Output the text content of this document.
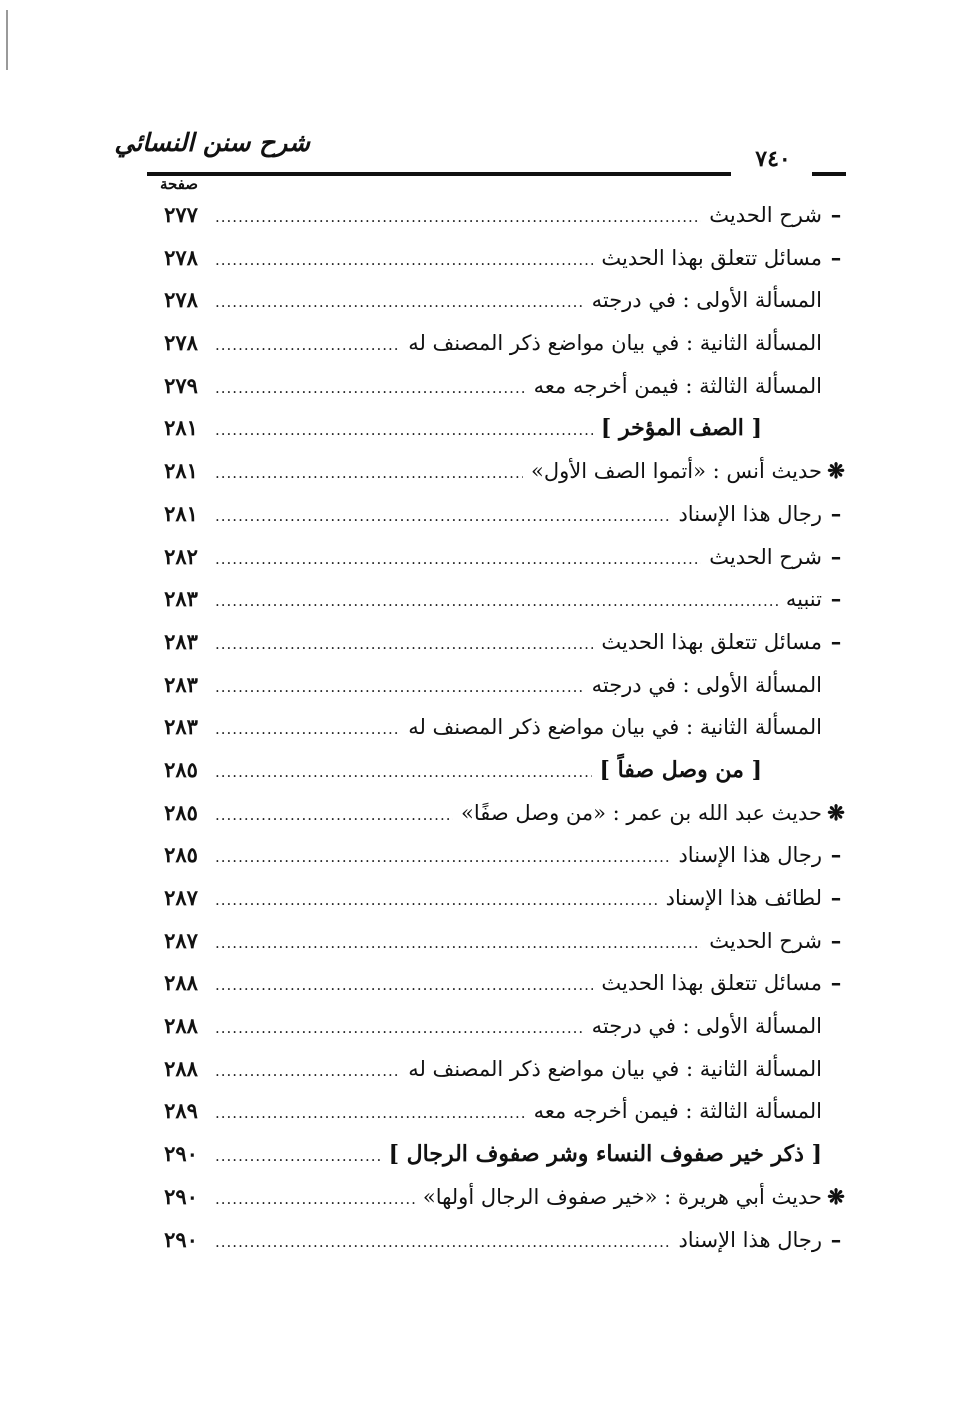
شرح سنن النسائي
٧٤٠
صفحة
–
شرح الحديث
.....
٢٧٧
–
مسائل تتعلق بهذا الحديث
.....
٢٧٨
المسألة الأولى : في درجته
.....
٢٧٨
المسألة الثانية : في بيان مواضع ذكر المصنف له
.....
٢٧٨
المسألة الثالثة : فيمن أخرجه معه
.....
٢٧٩
[ الصف المؤخر ]
.....
٢٨١
❋
حديث أنس : «أتموا الصف الأول»
.....
٢٨١
–
رجال هذا الإسناد
.....
٢٨١
–
شرح الحديث
.....
٢٨٢
–
تنبيه
.....
٢٨٣
–
مسائل تتعلق بهذا الحديث
.....
٢٨٣
المسألة الأولى : في درجته
.....
٢٨٣
المسألة الثانية : في بيان مواضع ذكر المصنف له
.....
٢٨٣
[ من وصل صفاً ]
.....
٢٨٥
❋
حديث عبد الله بن عمر : «من وصل صفًا»
.....
٢٨٥
–
رجال هذا الإسناد
.....
٢٨٥
–
لطائف هذا الإسناد
.....
٢٨٧
–
شرح الحديث
.....
٢٨٧
–
مسائل تتعلق بهذا الحديث
.....
٢٨٨
المسألة الأولى : في درجته
.....
٢٨٨
المسألة الثانية : في بيان مواضع ذكر المصنف له
.....
٢٨٨
المسألة الثالثة : فيمن أخرجه معه
.....
٢٨٩
[ ذكر خير صفوف النساء وشر صفوف الرجال ]
.....
٢٩٠
❋
حديث أبي هريرة : «خير صفوف الرجال أولها»
.....
٢٩٠
–
رجال هذا الإسناد
.....
٢٩٠
